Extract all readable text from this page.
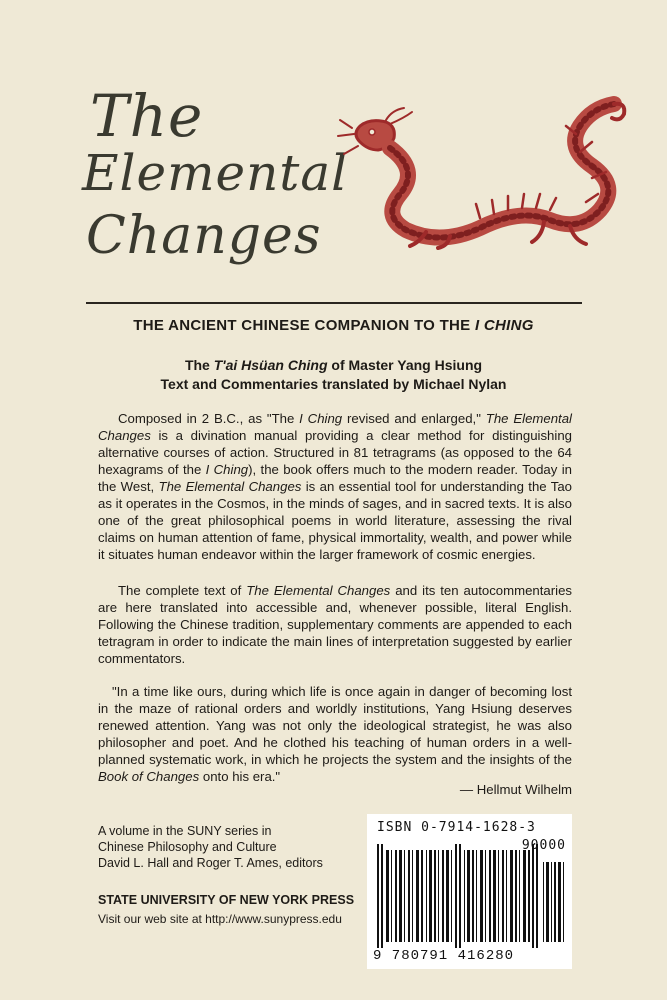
The
Elemental
Changes
THE ANCIENT CHINESE COMPANION TO THE I CHING
The T'ai Hsüan Ching of Master Yang Hsiung
Text and Commentaries translated by Michael Nylan

Composed in 2 B.C., as "The I Ching revised and enlarged," The Elemental Changes is a divination manual providing a clear method for distinguishing alternative courses of action. Structured in 81 tetragrams (as opposed to the 64 hexagrams of the I Ching), the book offers much to the modern reader. Today in the West, The Elemental Changes is an essential tool for understanding the Tao as it operates in the Cosmos, in the minds of sages, and in sacred texts. It is also one of the great philosophical poems in world literature, assessing the rival claims on human attention of fame, physical immortality, wealth, and power while it situates human endeavor within the larger framework of cosmic energies.

The complete text of The Elemental Changes and its ten autocommentaries are here translated into accessible and, whenever possible, literal English. Following the Chinese tradition, supplementary comments are appended to each tetragram in order to indicate the main lines of interpretation suggested by earlier commentators.

"In a time like ours, during which life is once again in danger of becoming lost in the maze of rational orders and worldly institutions, Yang Hsiung deserves renewed attention. Yang was not only the ideological strategist, he was also philosopher and poet. And he clothed his teaching of human orders in a well-planned systematic work, in which he projects the system and the insights of the Book of Changes onto his era."

— Hellmut Wilhelm
A volume in the SUNY series in
Chinese Philosophy and Culture
David L. Hall and Roger T. Ames, editors
STATE UNIVERSITY OF NEW YORK PRESS
Visit our web site at http://www.sunypress.edu
ISBN 0-7914-1628-3
90000
9 780791 416280
